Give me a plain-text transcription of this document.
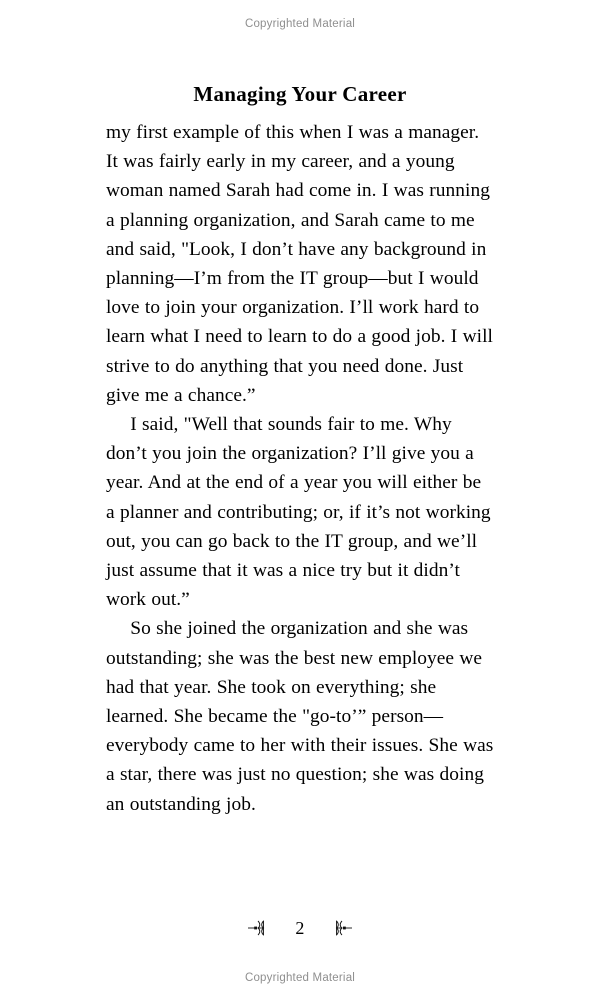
Copyrighted Material
Managing Your Career

my first example of this when I was a manager. It was fairly early in my career, and a young woman named Sarah had come in. I was running a planning organization, and Sarah came to me and said, "Look, I don’t have any background in planning—I’m from the IT group—but I would love to join your organization. I’ll work hard to learn what I need to learn to do a good job. I will strive to do anything that you need done. Just give me a chance.”

I said, "Well that sounds fair to me. Why don’t you join the organization? I’ll give you a year. And at the end of a year you will either be a planner and contributing; or, if it’s not working out, you can go back to the IT group, and we’ll just assume that it was a nice try but it didn’t work out.”

So she joined the organization and she was outstanding; she was the best new employee we had that year. She took on everything; she learned. She became the "go-to’” person—everybody came to her with their issues. She was a star, there was just no question; she was doing an outstanding job.

2
Copyrighted Material
